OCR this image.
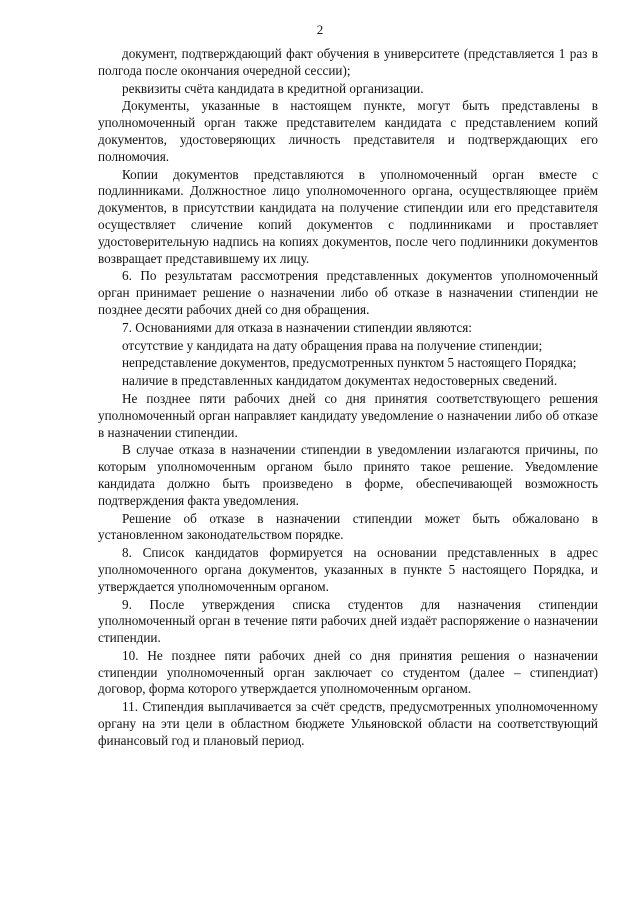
2

документ, подтверждающий факт обучения в университете (представляется 1 раз в полгода после окончания очередной сессии);

реквизиты счёта кандидата в кредитной организации.

Документы, указанные в настоящем пункте, могут быть представлены в уполномоченный орган также представителем кандидата с представлением копий документов, удостоверяющих личность представителя и подтверждающих его полномочия.

Копии документов представляются в уполномоченный орган вместе с подлинниками. Должностное лицо уполномоченного органа, осуществляющее приём документов, в присутствии кандидата на получение стипендии или его представителя осуществляет сличение копий документов с подлинниками и проставляет удостоверительную надпись на копиях документов, после чего подлинники документов возвращает представившему их лицу.

6. По результатам рассмотрения представленных документов уполномоченный орган принимает решение о назначении либо об отказе в назначении стипендии не позднее десяти рабочих дней со дня обращения.

7. Основаниями для отказа в назначении стипендии являются:

отсутствие у кандидата на дату обращения права на получение стипендии;

непредставление документов, предусмотренных пунктом 5 настоящего Порядка;

наличие в представленных кандидатом документах недостоверных сведений.

Не позднее пяти рабочих дней со дня принятия соответствующего решения уполномоченный орган направляет кандидату уведомление о назначении либо об отказе в назначении стипендии.

В случае отказа в назначении стипендии в уведомлении излагаются причины, по которым уполномоченным органом было принято такое решение. Уведомление кандидата должно быть произведено в форме, обеспечивающей возможность подтверждения факта уведомления.

Решение об отказе в назначении стипендии может быть обжаловано в установленном законодательством порядке.

8. Список кандидатов формируется на основании представленных в адрес уполномоченного органа документов, указанных в пункте 5 настоящего Порядка, и утверждается уполномоченным органом.

9. После утверждения списка студентов для назначения стипендии уполномоченный орган в течение пяти рабочих дней издаёт распоряжение о назначении стипендии.

10. Не позднее пяти рабочих дней со дня принятия решения о назначении стипендии уполномоченный орган заключает со студентом (далее – стипендиат) договор, форма которого утверждается уполномоченным органом.

11. Стипендия выплачивается за счёт средств, предусмотренных уполномоченному органу на эти цели в областном бюджете Ульяновской области на соответствующий финансовый год и плановый период.
